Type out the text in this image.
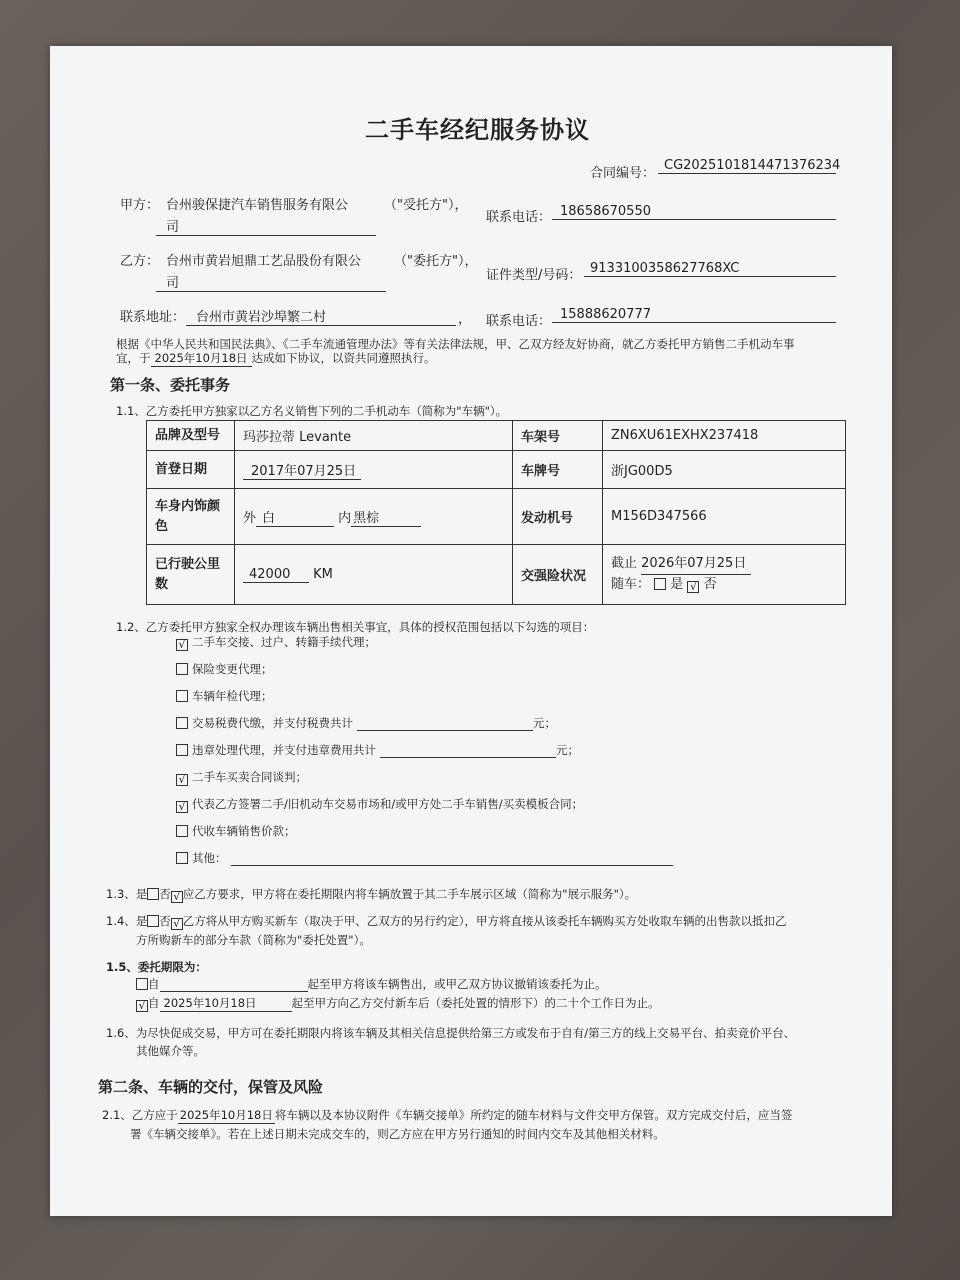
二手车经纪服务协议
合同编号：
CG2025101814471376234
甲方： 台州骏保捷汽车销售服务有限公
司
（"受托方"），
联系电话： 18658670550
乙方： 台州市黄岩旭鼎工艺品股份有限公
司
（"委托方"），
证件类型/号码： 9133100358627768XC
联系地址： 台州市黄岩沙埠繁二村	， 联系电话： 15888620777
根据《中华人民共和国民法典》、《二手车流通管理办法》等有关法律法规，甲、乙双方经友好协商，就乙方委托甲方销售二手机动车事
宜，于 2025年10月18日 达成如下协议，以资共同遵照执行。
第一条、委托事务
1.1、乙方委托甲方独家以乙方名义销售下列的二手机动车（简称为"车辆"）。
品牌及型号	玛莎拉蒂 Levante	车架号	ZN6XU61EXHX237418
首登日期	2017年07月25日	车牌号	浙JG00D5
车身内饰颜色	外 白 内 黑棕	发动机号	M156D347566
已行驶公里数	42000 KM	交强险状况	截止 2026年07月25日
随车： 是 √ 否
1.2、乙方委托甲方独家全权办理该车辆出售相关事宜，具体的授权范围包括以下勾选的项目：
√ 二手车交接、过户、转籍手续代理；
保险变更代理；
车辆年检代理；
交易税费代缴，并支付税费共计	元；
违章处理代理，并支付违章费用共计	元；
√ 二手车买卖合同谈判；
√ 代表乙方签署二手/旧机动车交易市场和/或甲方处二手车销售/买卖模板合同；
代收车辆销售价款；
其他：
1.3、是 否 √ 应乙方要求，甲方将在委托期限内将车辆放置于其二手车展示区域（简称为"展示服务"）。
1.4、是 否 √ 乙方将从甲方购买新车（取决于甲、乙双方的另行约定），甲方将直接从该委托车辆购买方处收取车辆的出售款以抵扣乙
方所购新车的部分车款（简称为"委托处置"）。
1.5、委托期限为：
自	起至甲方将该车辆售出，或甲乙双方协议撤销该委托为止。
√ 自 2025年10月18日	起至甲方向乙方交付新车后（委托处置的情形下）的二十个工作日为止。
1.6、为尽快促成交易，甲方可在委托期限内将该车辆及其相关信息提供给第三方或发布于自有/第三方的线上交易平台、拍卖竞价平台、
其他媒介等。
第二条、车辆的交付，保管及风险
2.1、乙方应于 2025年10月18日 将车辆以及本协议附件《车辆交接单》所约定的随车材料与文件交甲方保管。双方完成交付后，应当签
署《车辆交接单》。若在上述日期未完成交车的，则乙方应在甲方另行通知的时间内交车及其他相关材料。
